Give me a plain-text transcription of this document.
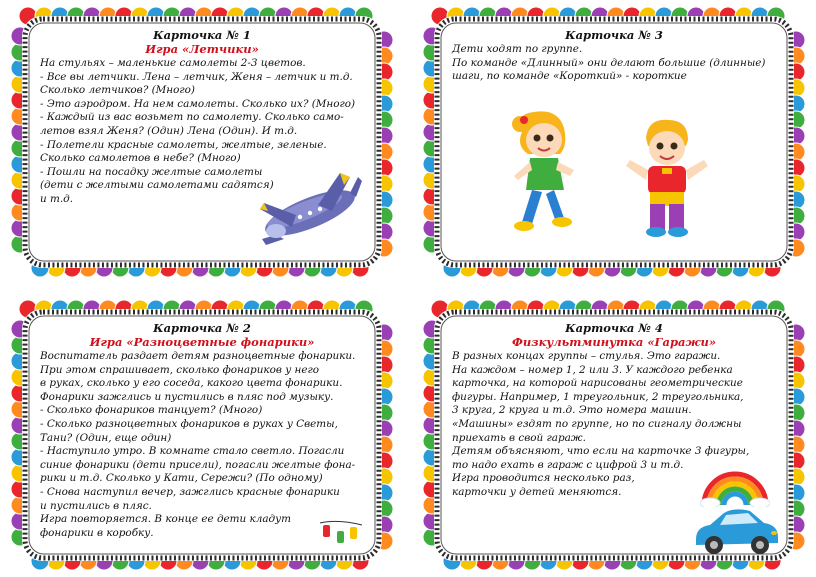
Карточка № 1
Игра «Летчики»
На стульях – маленькие самолеты 2-3 цветов.
- Все вы летчики. Лена – летчик, Женя – летчик и т.д.
Сколько летчиков? (Много)
- Это аэродром. На нем самолеты. Сколько их? (Много)
- Каждый из вас возьмет по самолету. Сколько само-
летов взял Женя? (Один) Лена (Один). И т.д.
- Полетели красные самолеты, желтые, зеленые.
Сколько самолетов в небе? (Много)
- Пошли на посадку желтые самолеты
(дети с желтыми самолетами садятся)
и т.д.
Карточка № 3
Дети ходят по группе.
По команде «Длинный» они делают большие (длинные)
шаги, по команде «Короткий» - короткие
Карточка № 2
Игра «Разноцветные фонарики»
Воспитатель раздает детям разноцветные фонарики.
При этом спрашивает, сколько фонариков у него
в руках, сколько у его соседа, какого цвета фонарики.
Фонарики зажглись и пустились в пляс под музыку.
- Сколько фонариков танцует? (Много)
- Сколько разноцветных фонариков в руках у Светы,
Тани? (Один, еще один)
- Наступило утро. В комнате стало светло. Погасли
синие фонарики (дети присели), погасли желтые фона-
рики и т.д. Сколько у Кати, Сережи? (По одному)
- Снова наступил вечер, зажглись красные фонарики
и пустились в пляс.
Игра повторяется. В конце ее дети кладут
фонарики в коробку.
Карточка № 4
Физкультминутка «Гаражи»
В разных концах группы – стулья. Это гаражи.
На каждом – номер 1, 2 или 3. У каждого ребенка
карточка, на которой нарисованы геометрические
фигуры. Например, 1 треугольник, 2 треугольника,
3 круга, 2 круга и т.д. Это номера машин.
«Машины» ездят по группе, но по сигналу должны
приехать в свой гараж.
Детям объясняют, что если на карточке 3 фигуры,
то надо ехать в гараж с цифрой 3 и т.д.
Игра проводится несколько раз,
карточки у детей меняются.
